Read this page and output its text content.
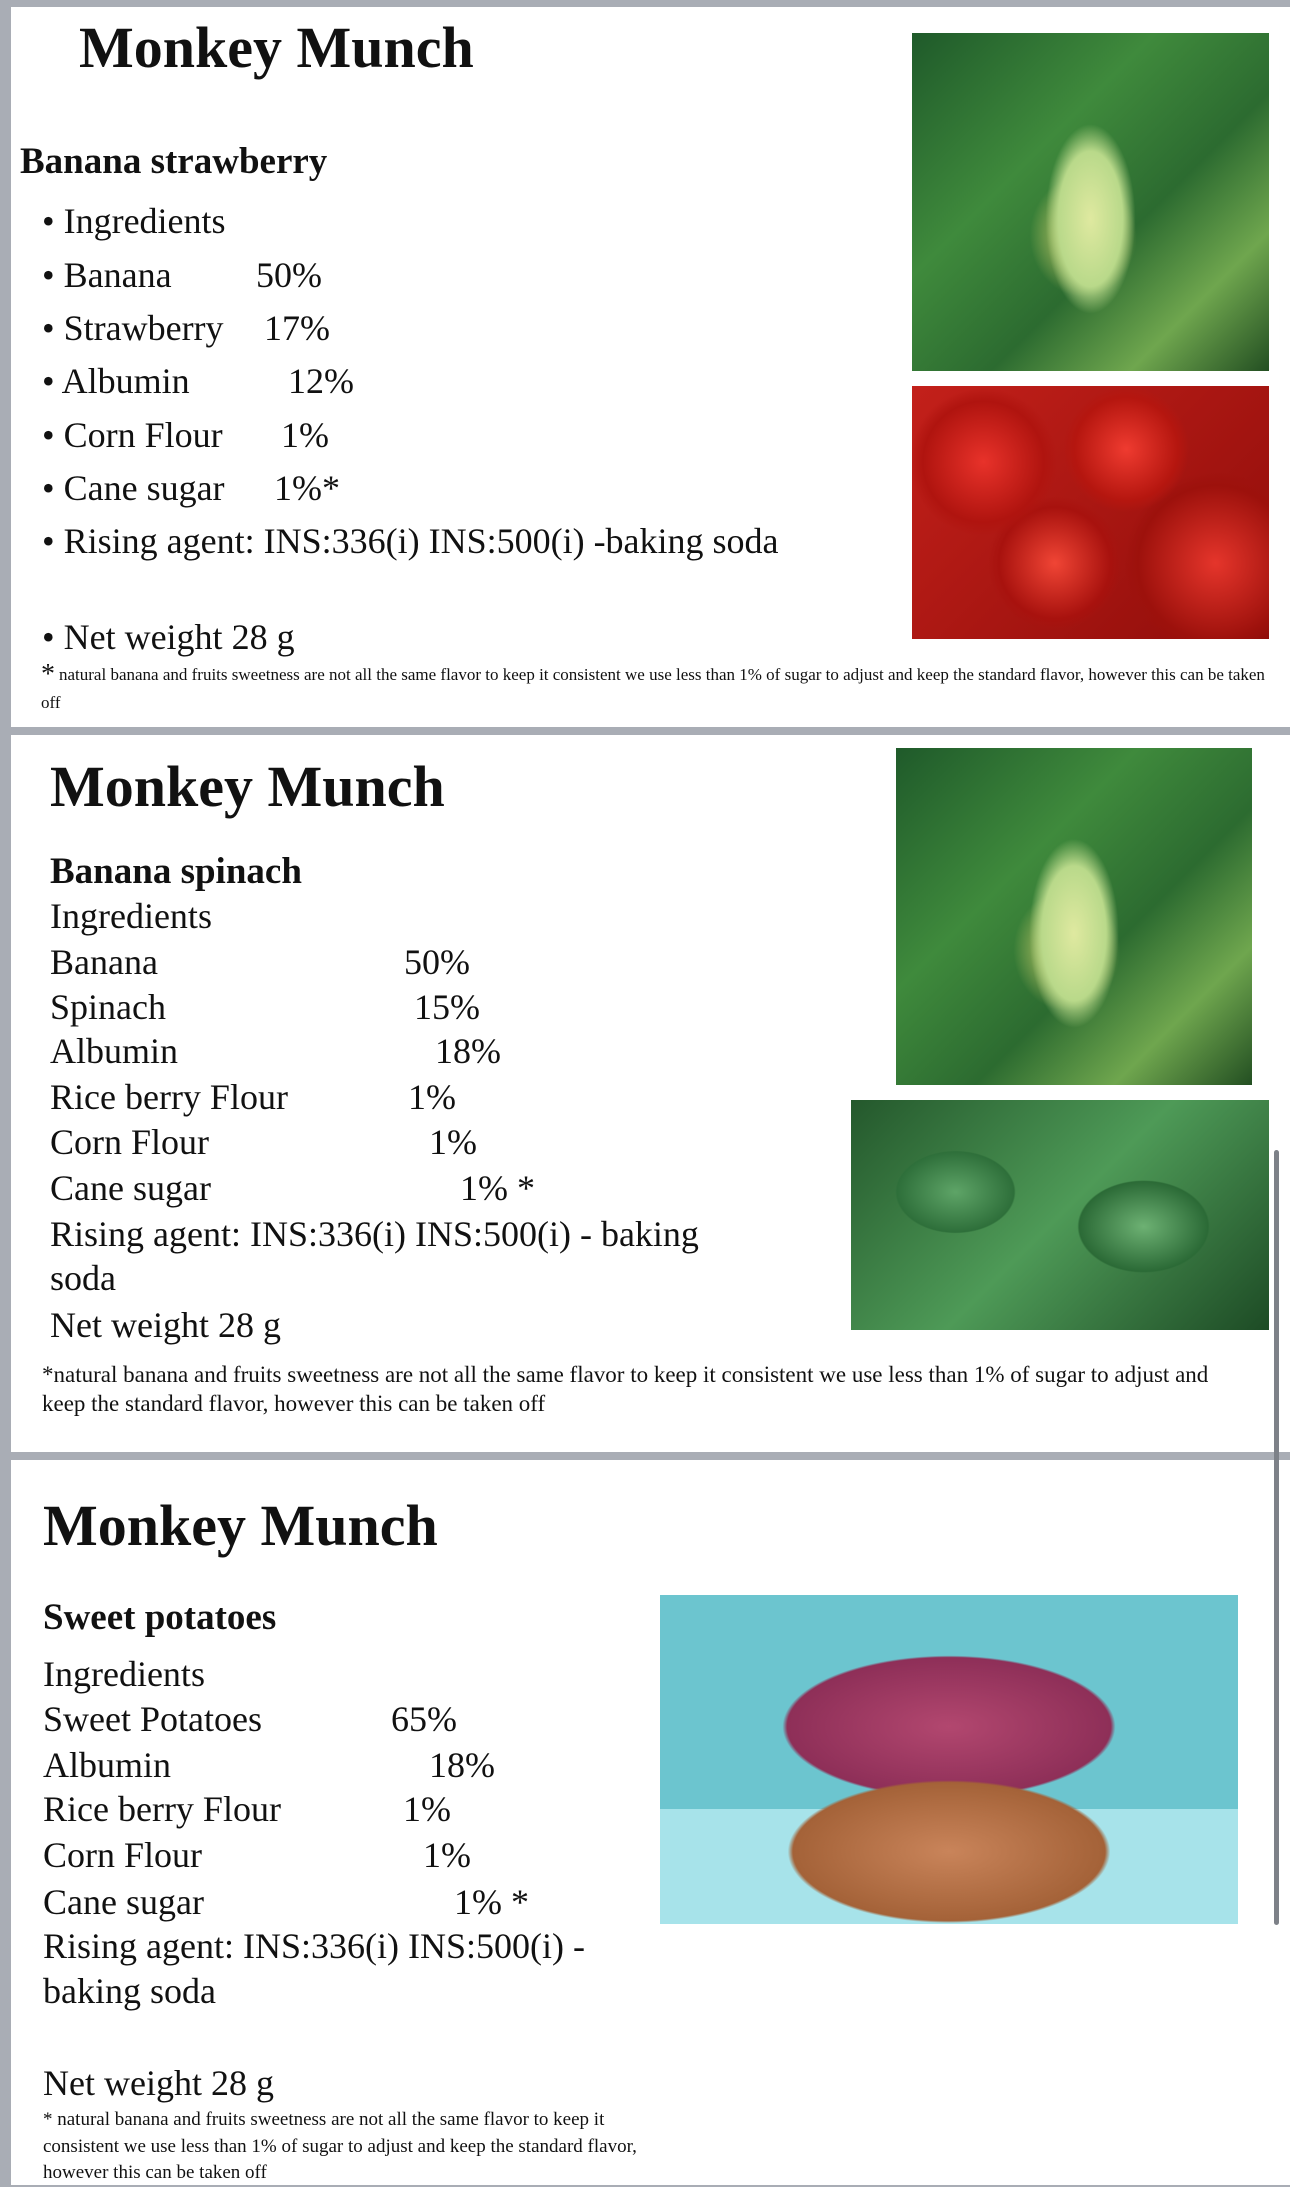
Monkey Munch
Banana strawberry
• Ingredients
• Banana 50%
• Strawberry 17%
• Albumin	12%
• Corn Flour 1%
• Cane sugar 1%*
• Rising agent: INS:336(i) INS:500(i) -baking soda
• Net weight 28 g
* natural banana and fruits sweetness are not all the same flavor to keep it consistent we use less than 1% of sugar to adjust and keep the standard flavor, however this can be taken off
Monkey Munch
Banana spinach
Ingredients
Banana	50%
Spinach	15%
Albumin	18%
Rice berry Flour	1%
Corn Flour	1%
Cane sugar	1% *
Rising agent: INS:336(i) INS:500(i) - baking
soda
Net weight 28 g
*natural banana and fruits sweetness are not all the same flavor to keep it consistent we use less than 1% of sugar to adjust and keep the standard flavor, however this can be taken off
Monkey Munch
Sweet potatoes
Ingredients
Sweet Potatoes	65%
Albumin	18%
Rice berry Flour	1%
Corn Flour	1%
Cane sugar	1% *
Rising agent: INS:336(i) INS:500(i) -
baking soda
Net weight 28 g
* natural banana and fruits sweetness are not all the same flavor to keep it consistent we use less than 1% of sugar to adjust and keep the standard flavor, however this can be taken off
